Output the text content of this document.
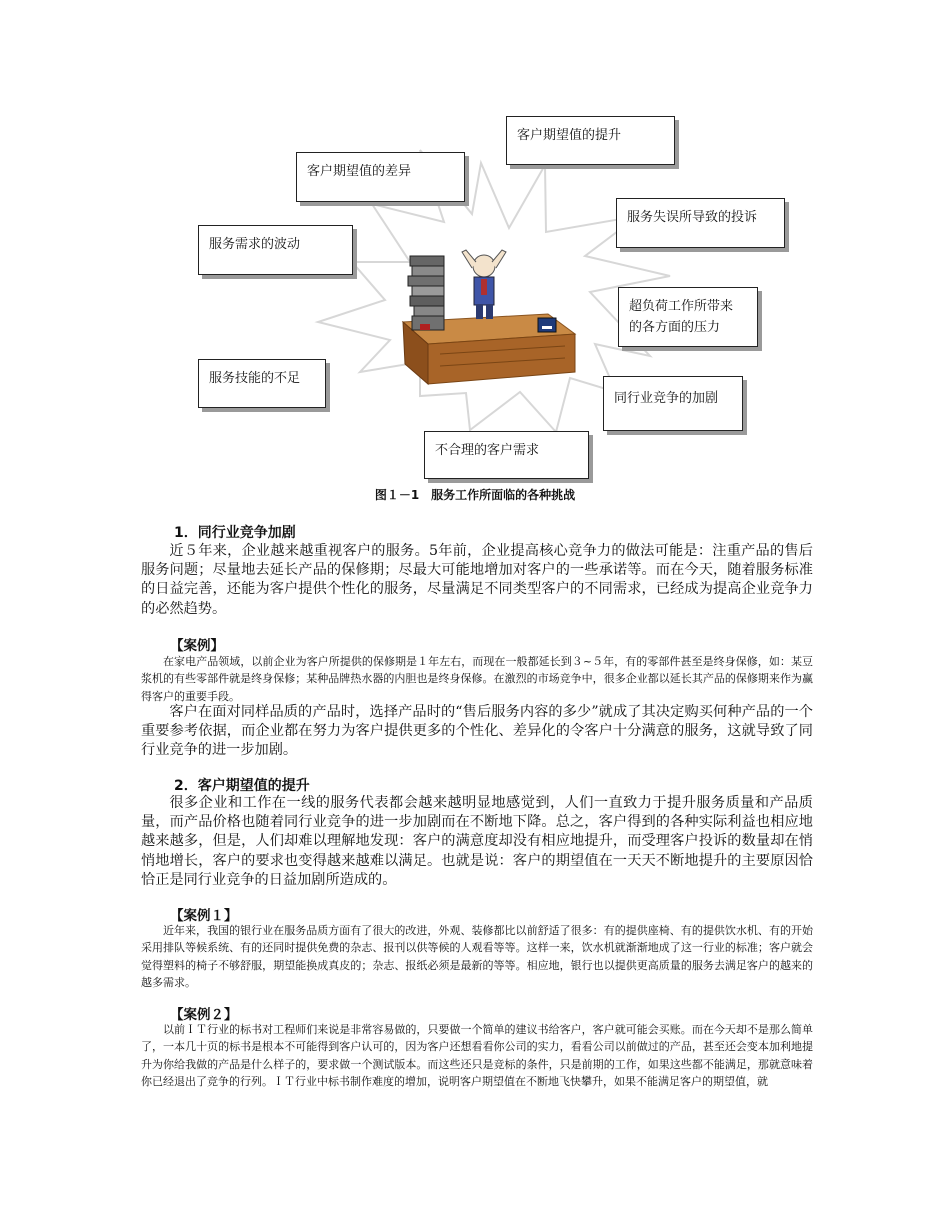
客户期望值的差异
客户期望值的提升
服务失误所导致的投诉
服务需求的波动
超负荷工作所带来
的各方面的压力
服务技能的不足
同行业竞争的加剧
不合理的客户需求
图１－1　服务工作所面临的各种挑战
1．同行业竞争加剧

近５年来，企业越来越重视客户的服务。5年前，企业提高核心竞争力的做法可能是：注重产品的售后服务问题；尽量地去延长产品的保修期；尽最大可能地增加对客户的一些承诺等。而在今天，随着服务标准的日益完善，还能为客户提供个性化的服务，尽量满足不同类型客户的不同需求，已经成为提高企业竞争力的必然趋势。

【案例】

在家电产品领域，以前企业为客户所提供的保修期是１年左右，而现在一般都延长到３~５年，有的零部件甚至是终身保修，如：某豆浆机的有些零部件就是终身保修；某种品牌热水器的内胆也是终身保修。在激烈的市场竞争中，很多企业都以延长其产品的保修期来作为赢得客户的重要手段。

客户在面对同样品质的产品时，选择产品时的“售后服务内容的多少”就成了其决定购买何种产品的一个重要参考依据，而企业都在努力为客户提供更多的个性化、差异化的令客户十分满意的服务，这就导致了同行业竞争的进一步加剧。

2．客户期望值的提升

很多企业和工作在一线的服务代表都会越来越明显地感觉到，人们一直致力于提升服务质量和产品质量，而产品价格也随着同行业竞争的进一步加剧而在不断地下降。总之，客户得到的各种实际利益也相应地越来越多，但是，人们却难以理解地发现：客户的满意度却没有相应地提升，而受理客户投诉的数量却在悄悄地增长，客户的要求也变得越来越难以满足。也就是说：客户的期望值在一天天不断地提升的主要原因恰恰正是同行业竞争的日益加剧所造成的。

【案例１】

近年来，我国的银行业在服务品质方面有了很大的改进，外观、装修都比以前舒适了很多：有的提供座椅、有的提供饮水机、有的开始采用排队等候系统、有的还同时提供免费的杂志、报刊以供等候的人观看等等。这样一来，饮水机就渐渐地成了这一行业的标准；客户就会觉得塑料的椅子不够舒服，期望能换成真皮的；杂志、报纸必须是最新的等等。相应地，银行也以提供更高质量的服务去满足客户的越来的越多需求。

【案例２】

以前ＩＴ行业的标书对工程师们来说是非常容易做的，只要做一个简单的建议书给客户，客户就可能会买账。而在今天却不是那么简单了，一本几十页的标书是根本不可能得到客户认可的，因为客户还想看看你公司的实力，看看公司以前做过的产品，甚至还会变本加利地提升为你给我做的产品是什么样子的，要求做一个测试版本。而这些还只是竞标的条件，只是前期的工作，如果这些都不能满足，那就意味着你已经退出了竞争的行列。ＩＴ行业中标书制作难度的增加，说明客户期望值在不断地飞快攀升，如果不能满足客户的期望值，就
